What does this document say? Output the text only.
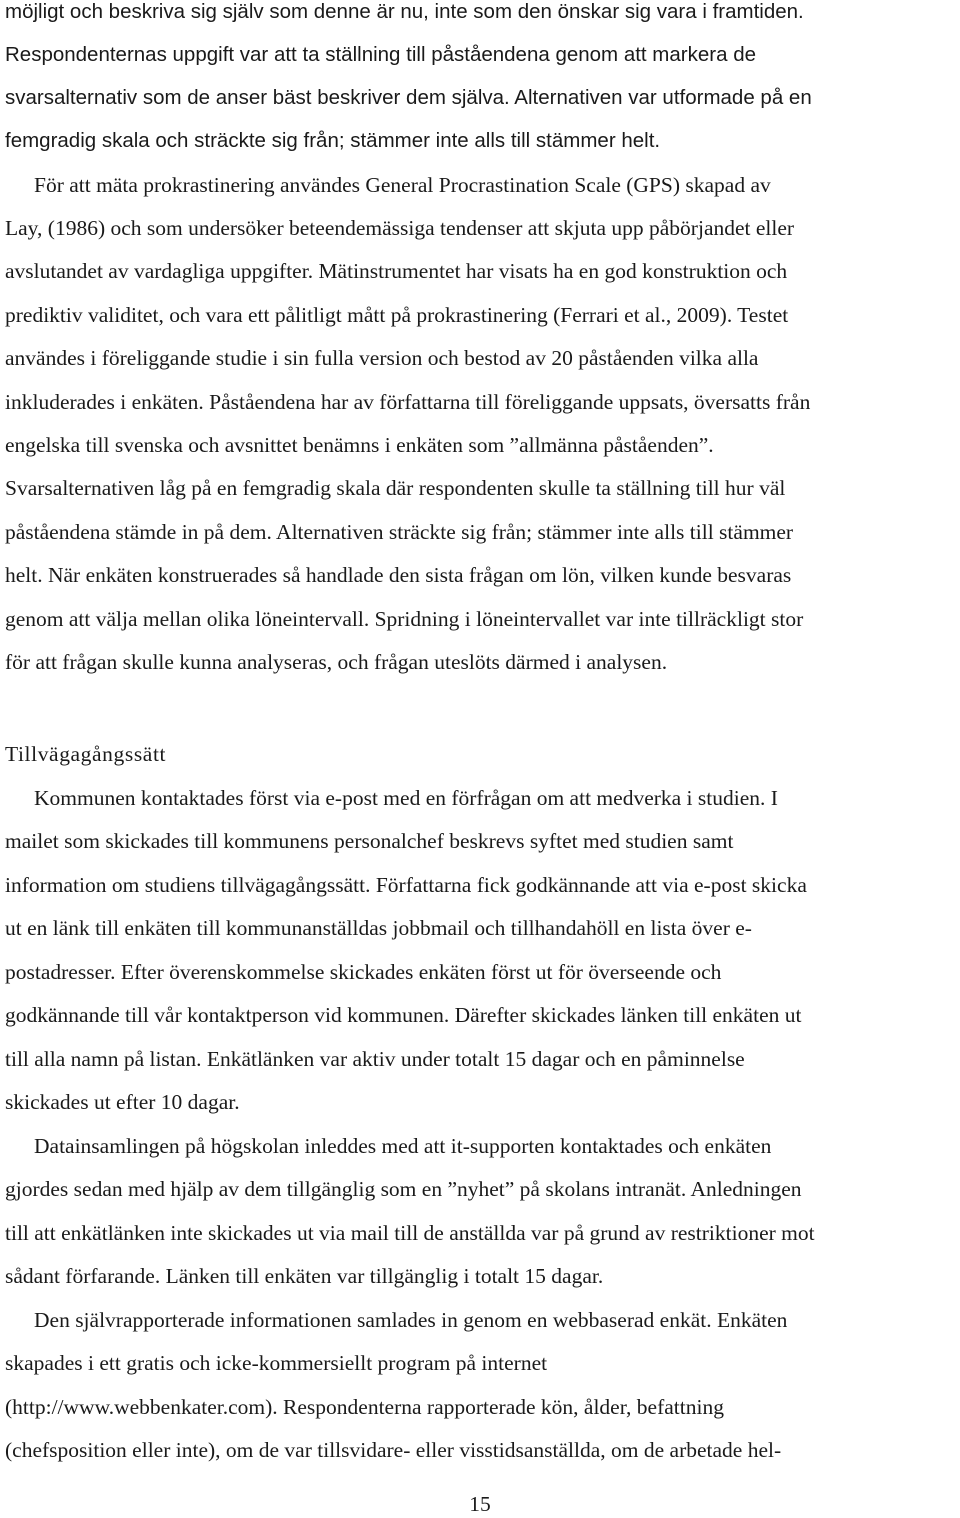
möjligt och beskriva sig själv som denne är nu, inte som den önskar sig vara i framtiden.
Respondenternas uppgift var att ta ställning till påståendena genom att markera de
svarsalternativ som de anser bäst beskriver dem själva. Alternativen var utformade på en
femgradig skala och sträckte sig från; stämmer inte alls till stämmer helt.
För att mäta prokrastinering användes General Procrastination Scale (GPS) skapad av
Lay, (1986) och som undersöker beteendemässiga tendenser att skjuta upp påbörjandet eller
avslutandet av vardagliga uppgifter. Mätinstrumentet har visats ha en god konstruktion och
prediktiv validitet, och vara ett pålitligt mått på prokrastinering (Ferrari et al., 2009). Testet
användes i föreliggande studie i sin fulla version och bestod av 20 påståenden vilka alla
inkluderades i enkäten. Påståendena har av författarna till föreliggande uppsats, översatts från
engelska till svenska och avsnittet benämns i enkäten som ”allmänna påståenden”.
Svarsalternativen låg på en femgradig skala där respondenten skulle ta ställning till hur väl
påståendena stämde in på dem. Alternativen sträckte sig från; stämmer inte alls till stämmer
helt. När enkäten konstruerades så handlade den sista frågan om lön, vilken kunde besvaras
genom att välja mellan olika löneintervall. Spridning i löneintervallet var inte tillräckligt stor
för att frågan skulle kunna analyseras, och frågan uteslöts därmed i analysen.
Tillvägagångssätt
Kommunen kontaktades först via e-post med en förfrågan om att medverka i studien. I
mailet som skickades till kommunens personalchef beskrevs syftet med studien samt
information om studiens tillvägagångssätt. Författarna fick godkännande att via e-post skicka
ut en länk till enkäten till kommunanställdas jobbmail och tillhandahöll en lista över e-
postadresser. Efter överenskommelse skickades enkäten först ut för överseende och
godkännande till vår kontaktperson vid kommunen. Därefter skickades länken till enkäten ut
till alla namn på listan. Enkätlänken var aktiv under totalt 15 dagar och en påminnelse
skickades ut efter 10 dagar.
Datainsamlingen på högskolan inleddes med att it-supporten kontaktades och enkäten
gjordes sedan med hjälp av dem tillgänglig som en ”nyhet” på skolans intranät. Anledningen
till att enkätlänken inte skickades ut via mail till de anställda var på grund av restriktioner mot
sådant förfarande. Länken till enkäten var tillgänglig i totalt 15 dagar.
Den självrapporterade informationen samlades in genom en webbaserad enkät. Enkäten
skapades i ett gratis och icke-kommersiellt program på internet
(http://www.webbenkater.com). Respondenterna rapporterade kön, ålder, befattning
(chefsposition eller inte), om de var tillsvidare- eller visstidsanställda, om de arbetade hel-
15
